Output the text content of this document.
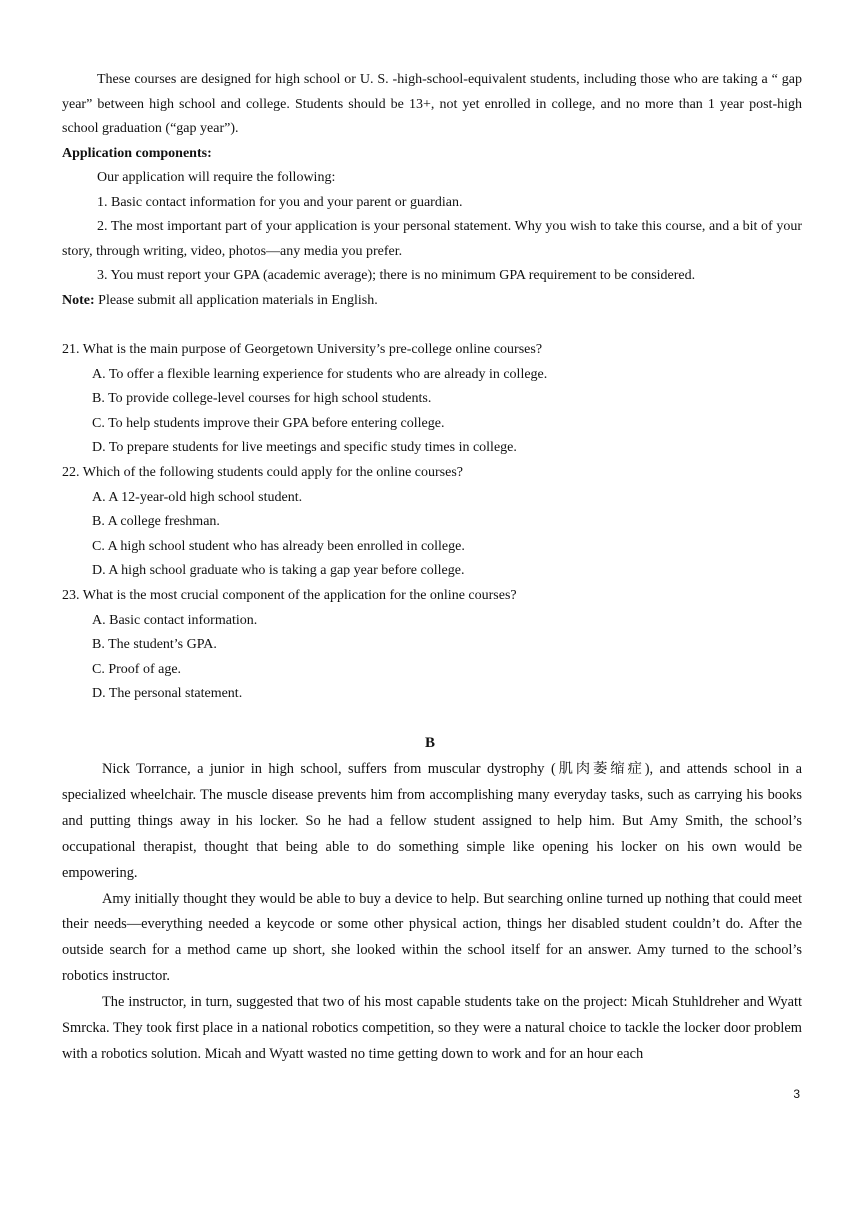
These courses are designed for high school or U. S. -high-school-equivalent students, including those who are taking a “ gap year” between high school and college. Students should be 13+, not yet enrolled in college, and no more than 1 year post-high school graduation (“gap year”).

Application components:

Our application will require the following:

1. Basic contact information for you and your parent or guardian.

2. The most important part of your application is your personal statement. Why you wish to take this course, and a bit of your story, through writing, video, photos—any media you prefer.

3. You must report your GPA (academic average); there is no minimum GPA requirement to be considered.

Note: Please submit all application materials in English.

21. What is the main purpose of Georgetown University’s pre-college online courses?

A. To offer a flexible learning experience for students who are already in college.

B. To provide college-level courses for high school students.

C. To help students improve their GPA before entering college.

D. To prepare students for live meetings and specific study times in college.

22. Which of the following students could apply for the online courses?

A. A 12-year-old high school student.

B. A college freshman.

C. A high school student who has already been enrolled in college.

D. A high school graduate who is taking a gap year before college.

23. What is the most crucial component of the application for the online courses?

A. Basic contact information.

B. The student’s GPA.

C. Proof of age.

D. The personal statement.

B

Nick Torrance, a junior in high school, suffers from muscular dystrophy (肌肉萎缩症), and attends school in a specialized wheelchair. The muscle disease prevents him from accomplishing many everyday tasks, such as carrying his books and putting things away in his locker. So he had a fellow student assigned to help him. But Amy Smith, the school’s occupational therapist, thought that being able to do something simple like opening his locker on his own would be empowering.

Amy initially thought they would be able to buy a device to help. But searching online turned up nothing that could meet their needs—everything needed a keycode or some other physical action, things her disabled student couldn’t do. After the outside search for a method came up short, she looked within the school itself for an answer. Amy turned to the school’s robotics instructor.

The instructor, in turn, suggested that two of his most capable students take on the project: Micah Stuhldreher and Wyatt Smrcka. They took first place in a national robotics competition, so they were a natural choice to tackle the locker door problem with a robotics solution. Micah and Wyatt wasted no time getting down to work and for an hour each

3
